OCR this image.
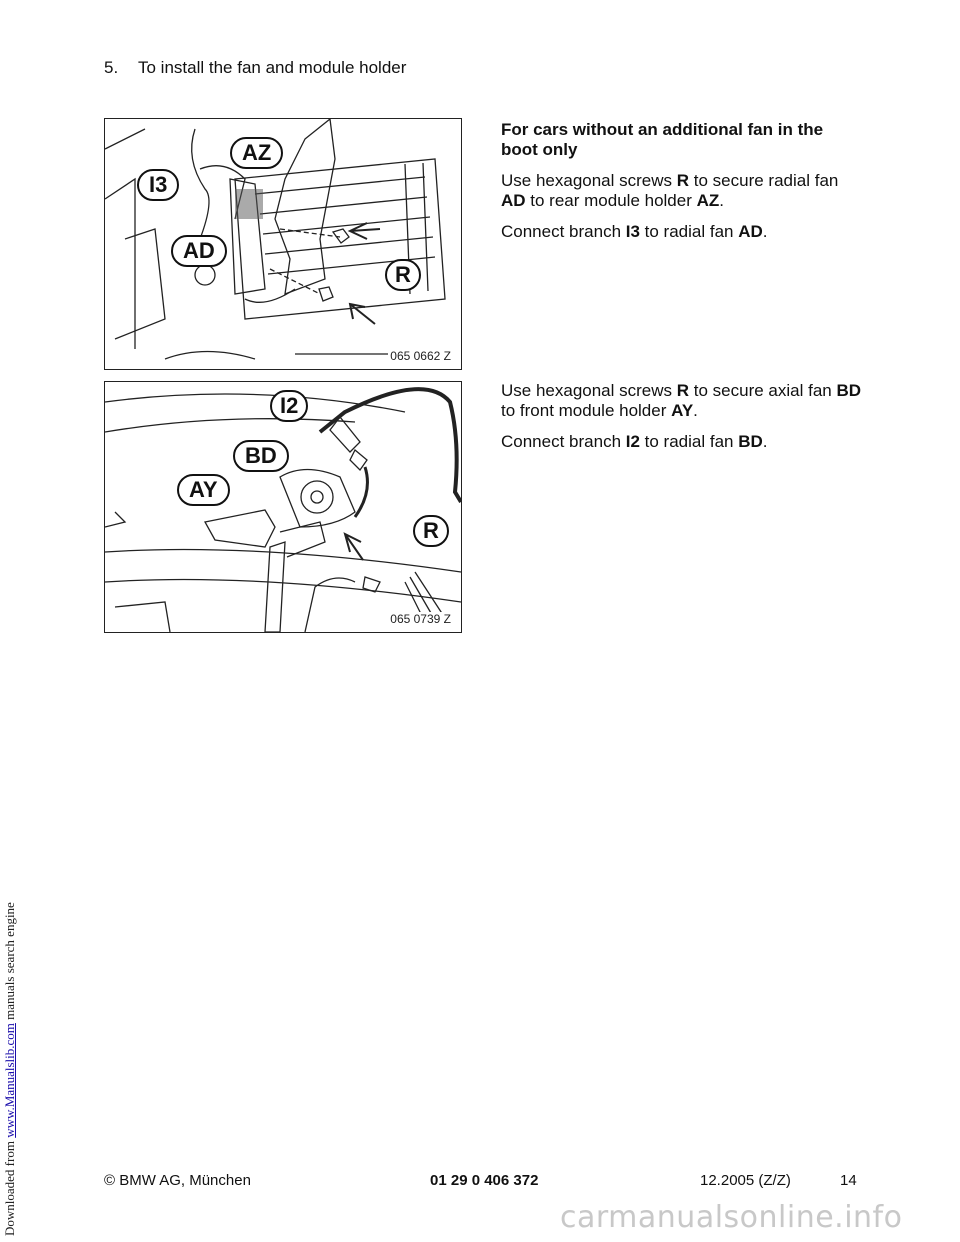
Downloaded from www.Manualslib.com manuals search engine
5. To install the fan and module holder
AZ
I3
AD
R
065 0662 Z

For cars without an additional fan in the boot only

Use hexagonal screws R to secure radial fan AD to rear module holder AZ.

Connect branch I3 to radial fan AD.

I2
BD
AY
R
065 0739 Z

Use hexagonal screws R to secure axial fan BD to front module holder AY.

Connect branch I2 to radial fan BD.

© BMW AG, München	01 29 0 406 372	12.2005 (Z/Z)	14
carmanualsonline.info
